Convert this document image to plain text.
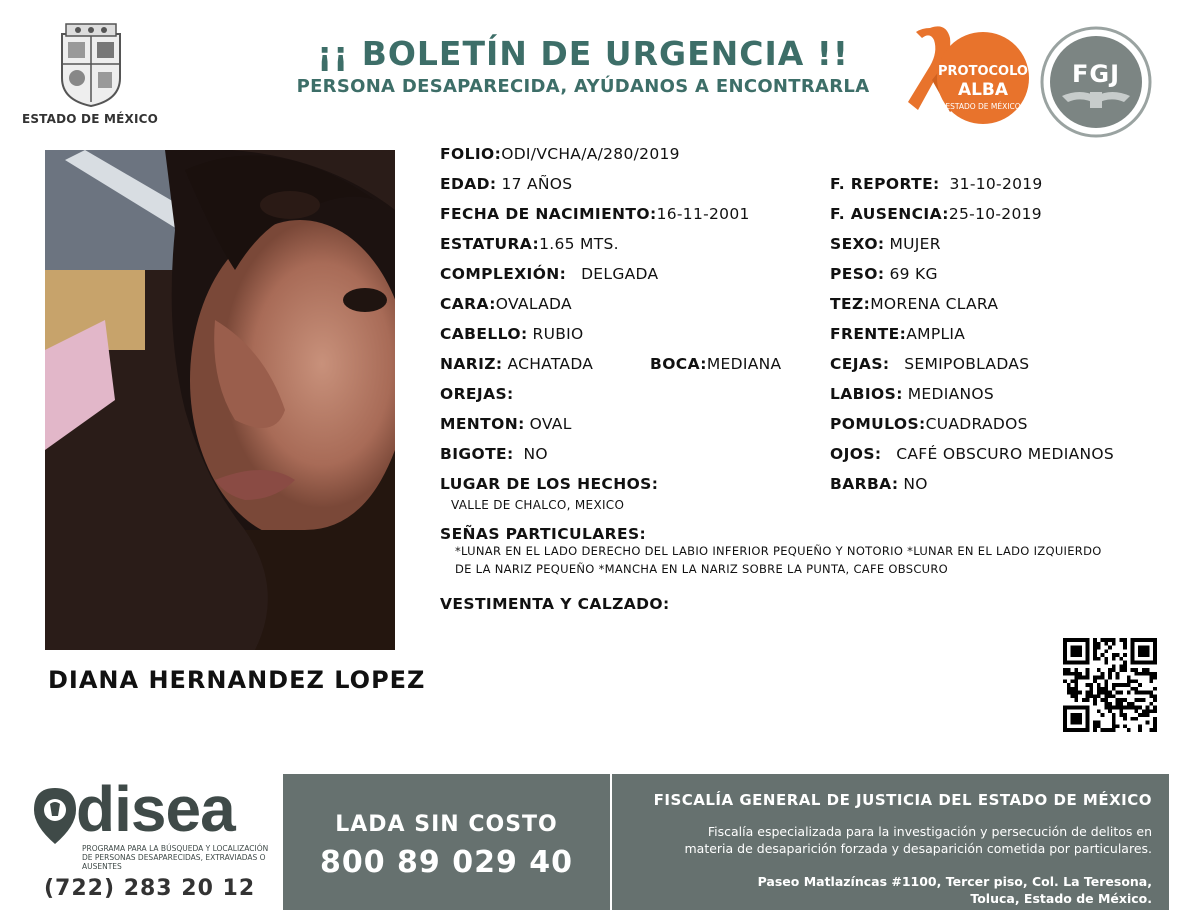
ESTADO DE MÉXICO
¡¡ BOLETÍN DE URGENCIA !!
PERSONA DESAPARECIDA, AYÚDANOS A ENCONTRARLA
PROTOCOLO
ALBA
ESTADO DE MÉXICO
FGJ
DIANA HERNANDEZ LOPEZ
FOLIO:ODI/VCHA/A/280/2019
EDAD: 17 AÑOS
FECHA DE NACIMIENTO:16-11-2001
ESTATURA:1.65 MTS.
COMPLEXIÓN: DELGADA
CARA:OVALADA
CABELLO: RUBIO
NARIZ: ACHATADA	BOCA:MEDIANA
OREJAS:
MENTON: OVAL
BIGOTE: NO
LUGAR DE LOS HECHOS:
VALLE DE CHALCO, MEXICO
F. REPORTE: 31-10-2019
F. AUSENCIA:25-10-2019
SEXO: MUJER
PESO: 69 KG
TEZ:MORENA CLARA
FRENTE:AMPLIA
CEJAS: SEMIPOBLADAS
LABIOS: MEDIANOS
POMULOS:CUADRADOS
OJOS: CAFÉ OBSCURO MEDIANOS
BARBA: NO
SEÑAS PARTICULARES:
*LUNAR EN EL LADO DERECHO DEL LABIO INFERIOR PEQUEÑO Y NOTORIO *LUNAR EN EL LADO IZQUIERDO
DE LA NARIZ PEQUEÑO *MANCHA EN LA NARIZ SOBRE LA PUNTA, CAFE OBSCURO
VESTIMENTA Y CALZADO:
disea
PROGRAMA PARA LA BÚSQUEDA Y LOCALIZACIÓN DE PERSONAS DESAPARECIDAS, EXTRAVIADAS O AUSENTES
(722) 283 20 12
LADA SIN COSTO
800 89 029 40
FISCALÍA GENERAL DE JUSTICIA DEL ESTADO DE MÉXICO
Fiscalía especializada para la investigación y persecución de delitos en
materia de desaparición forzada y desaparición cometida por particulares.
Paseo Matlazíncas #1100, Tercer piso, Col. La Teresona,
Toluca, Estado de México.
